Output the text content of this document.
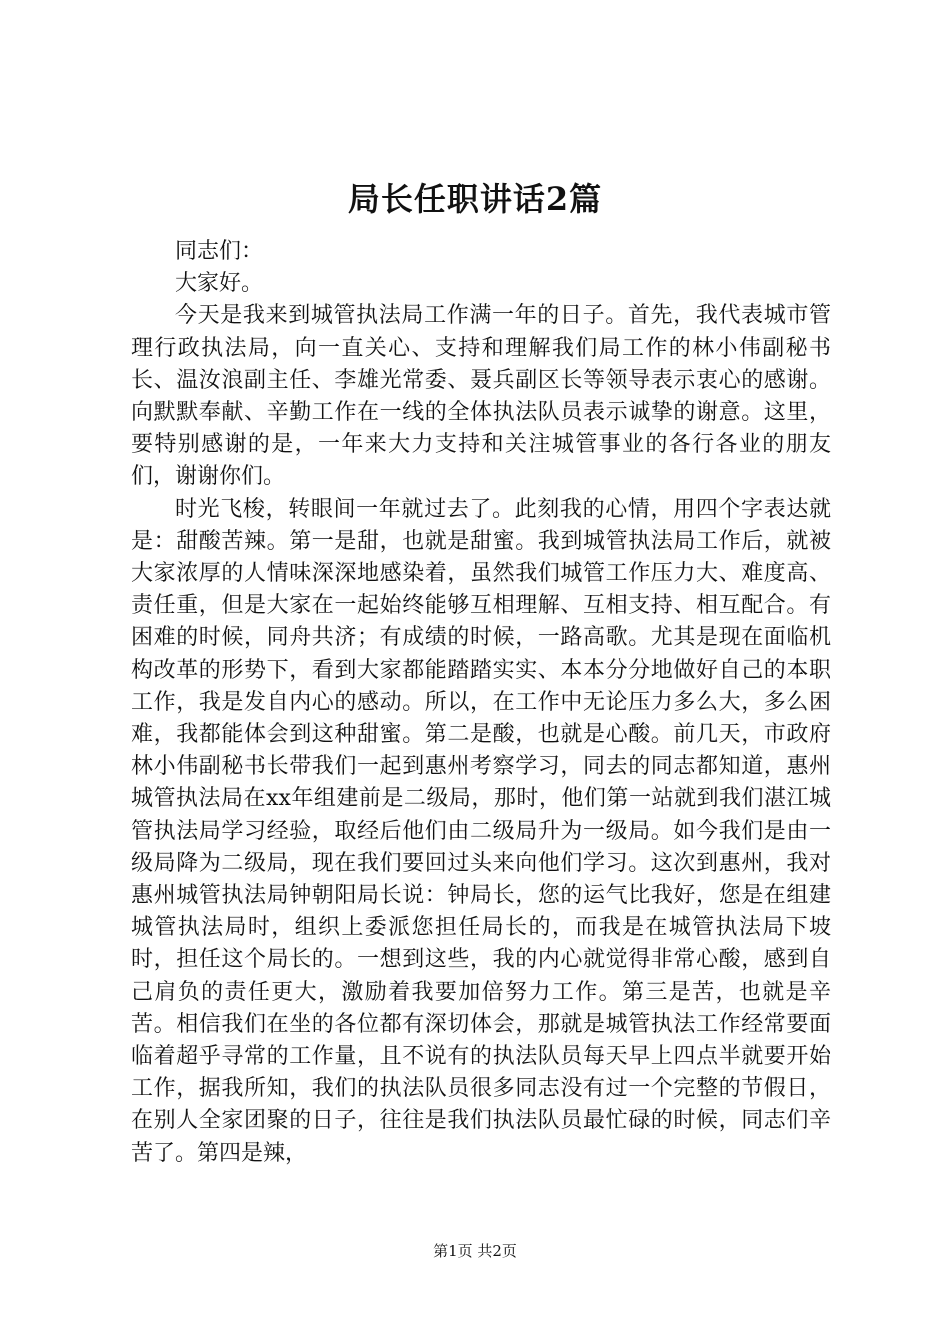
局长任职讲话2篇

同志们：

大家好。

今天是我来到城管执法局工作满一年的日子。首先，我代表城市管理行政执法局，向一直关心、支持和理解我们局工作的林小伟副秘书长、温汝浪副主任、李雄光常委、聂兵副区长等领导表示衷心的感谢。向默默奉献、辛勤工作在一线的全体执法队员表示诚挚的谢意。这里，要特别感谢的是，一年来大力支持和关注城管事业的各行各业的朋友们，谢谢你们。

时光飞梭，转眼间一年就过去了。此刻我的心情，用四个字表达就是：甜酸苦辣。第一是甜，也就是甜蜜。我到城管执法局工作后，就被大家浓厚的人情味深深地感染着，虽然我们城管工作压力大、难度高、责任重，但是大家在一起始终能够互相理解、互相支持、相互配合。有困难的时候，同舟共济；有成绩的时候，一路高歌。尤其是现在面临机构改革的形势下，看到大家都能踏踏实实、本本分分地做好自己的本职工作，我是发自内心的感动。所以，在工作中无论压力多么大，多么困难，我都能体会到这种甜蜜。第二是酸，也就是心酸。前几天，市政府林小伟副秘书长带我们一起到惠州考察学习，同去的同志都知道，惠州城管执法局在xx年组建前是二级局，那时，他们第一站就到我们湛江城管执法局学习经验，取经后他们由二级局升为一级局。如今我们是由一级局降为二级局，现在我们要回过头来向他们学习。这次到惠州，我对惠州城管执法局钟朝阳局长说：钟局长，您的运气比我好，您是在组建城管执法局时，组织上委派您担任局长的，而我是在城管执法局下坡时，担任这个局长的。一想到这些，我的内心就觉得非常心酸，感到自己肩负的责任更大，激励着我要加倍努力工作。第三是苦，也就是辛苦。相信我们在坐的各位都有深切体会，那就是城管执法工作经常要面临着超乎寻常的工作量，且不说有的执法队员每天早上四点半就要开始工作，据我所知，我们的执法队员很多同志没有过一个完整的节假日，在别人全家团聚的日子，往往是我们执法队员最忙碌的时候，同志们辛苦了。第四是辣，

第1页 共2页
